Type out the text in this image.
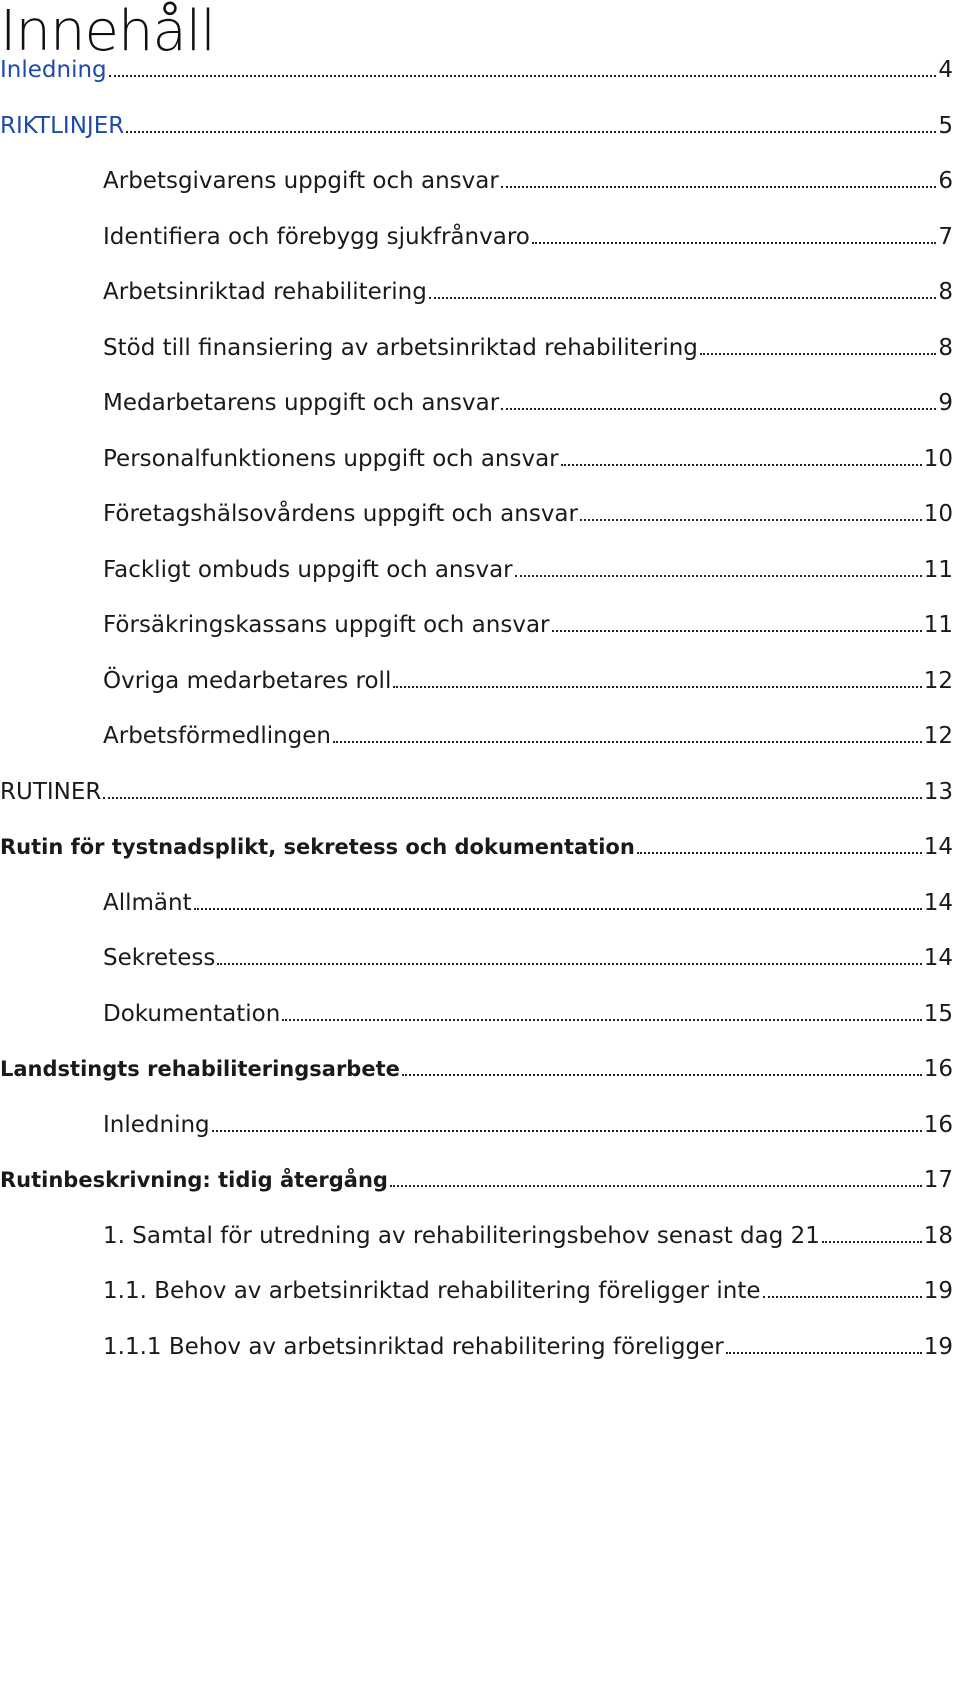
Innehåll
Inledning	4
RIKTLINJER	5
Arbetsgivarens uppgift och ansvar	6
Identifiera och förebygg sjukfrånvaro	7
Arbetsinriktad rehabilitering	8
Stöd till finansiering av arbetsinriktad rehabilitering	8
Medarbetarens uppgift och ansvar	9
Personalfunktionens uppgift och ansvar	10
Företagshälsovårdens uppgift och ansvar	10
Fackligt ombuds uppgift och ansvar	11
Försäkringskassans uppgift och ansvar	11
Övriga medarbetares roll	12
Arbetsförmedlingen	12
RUTINER	13
Rutin för tystnadsplikt, sekretess och dokumentation	14
Allmänt	14
Sekretess	14
Dokumentation	15
Landstingts rehabiliteringsarbete	16
Inledning	16
Rutinbeskrivning: tidig återgång	17
1. Samtal för utredning av rehabiliteringsbehov senast dag 21	18
1.1. Behov av arbetsinriktad rehabilitering föreligger inte	19
1.1.1 Behov av arbetsinriktad rehabilitering föreligger	19
